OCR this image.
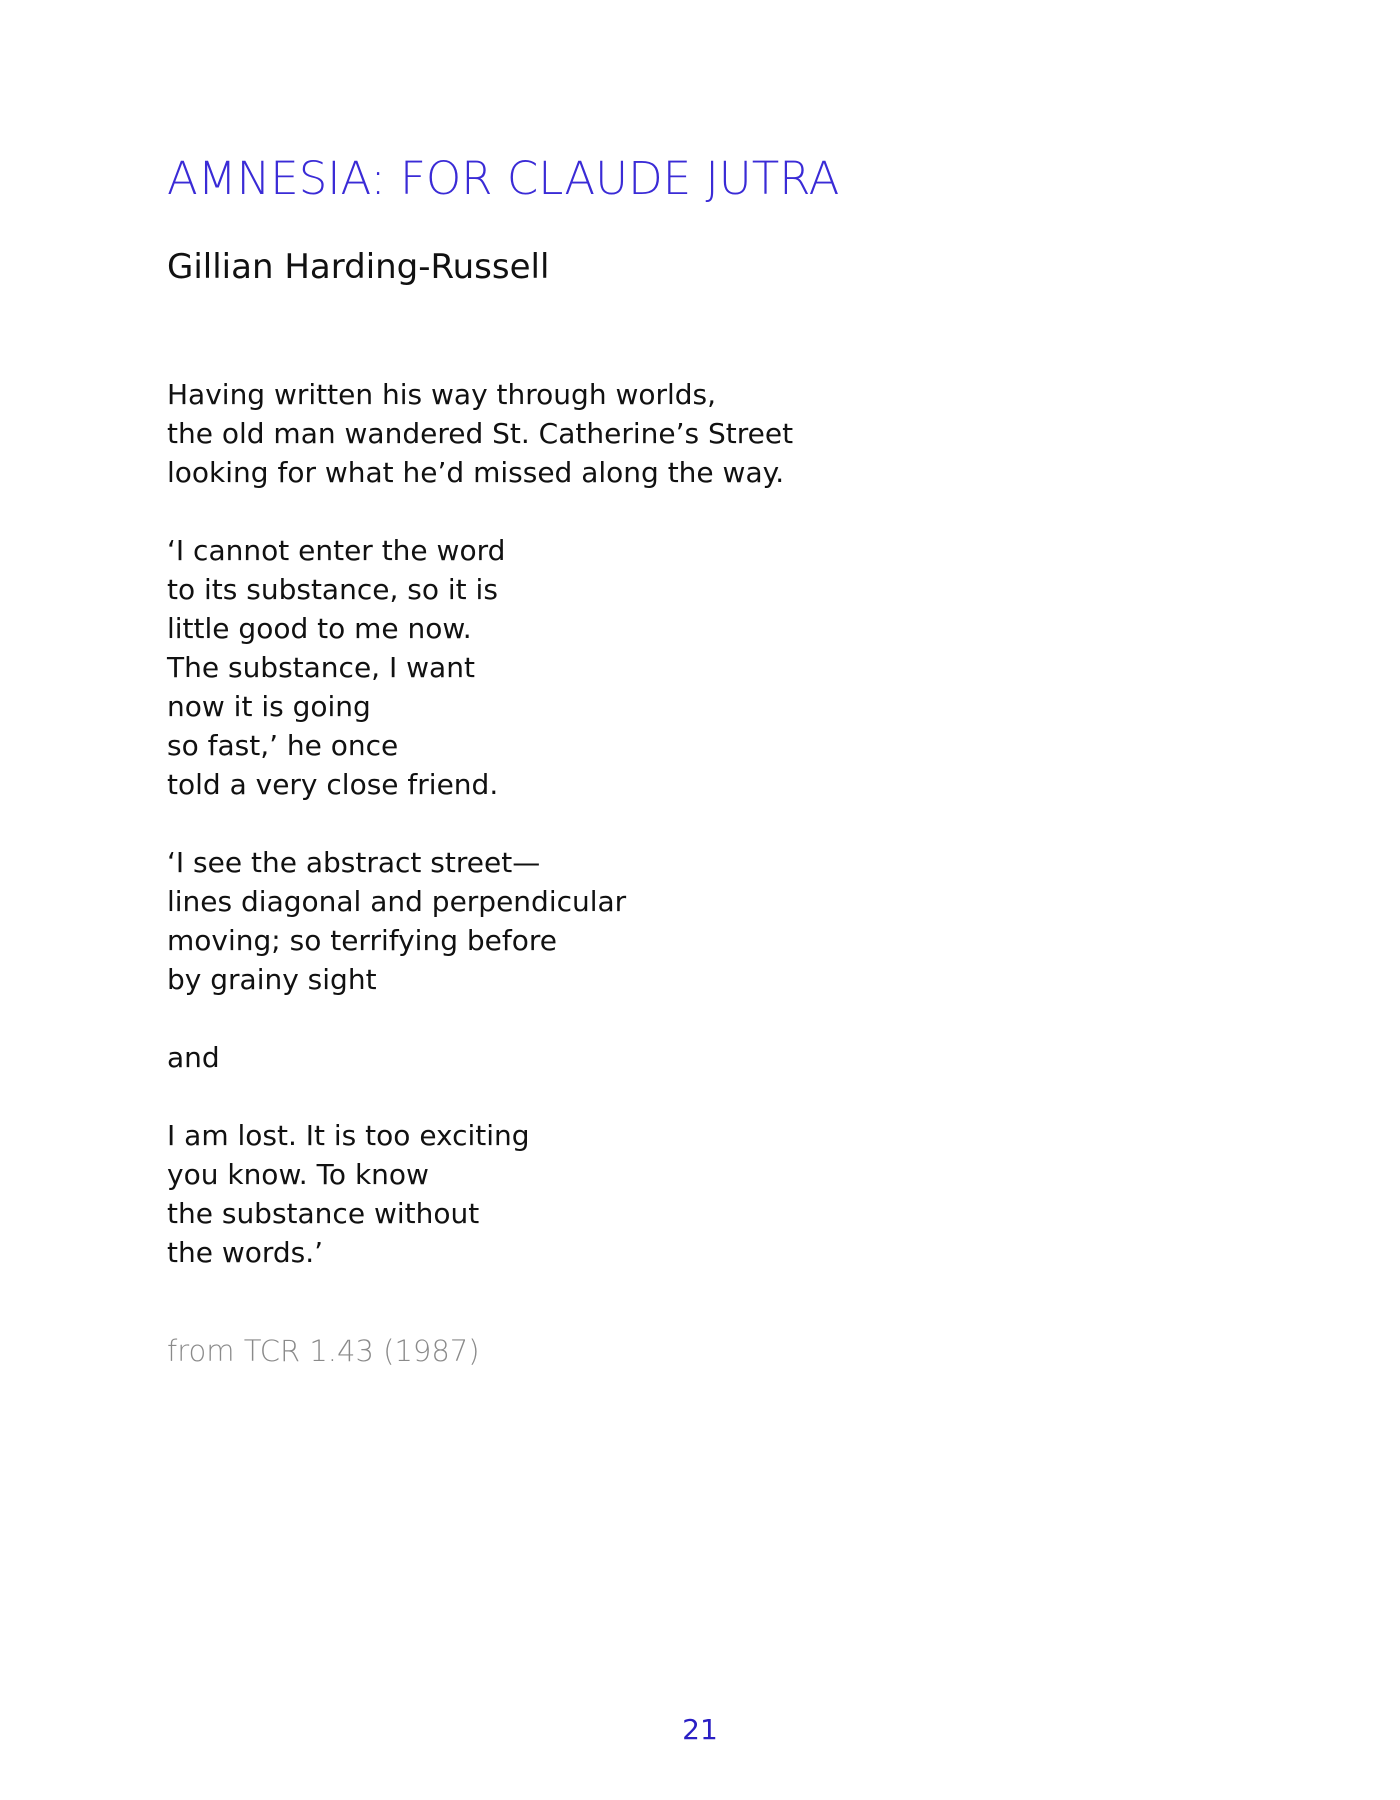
AMNESIA: FOR CLAUDE JUTRA
Gillian Harding-Russell
Having written his way through worlds,
the old man wandered St. Catherine’s Street
looking for what he’d missed along the way.
‘I cannot enter the word
to its substance, so it is
little good to me now.
The substance, I want
now it is going
so fast,’ he once
told a very close friend.
‘I see the abstract street—
lines diagonal and perpendicular
moving; so terrifying before
by grainy sight
and
I am lost. It is too exciting
you know. To know
the substance without
the words.’
from TCR 1.43 (1987)
21
